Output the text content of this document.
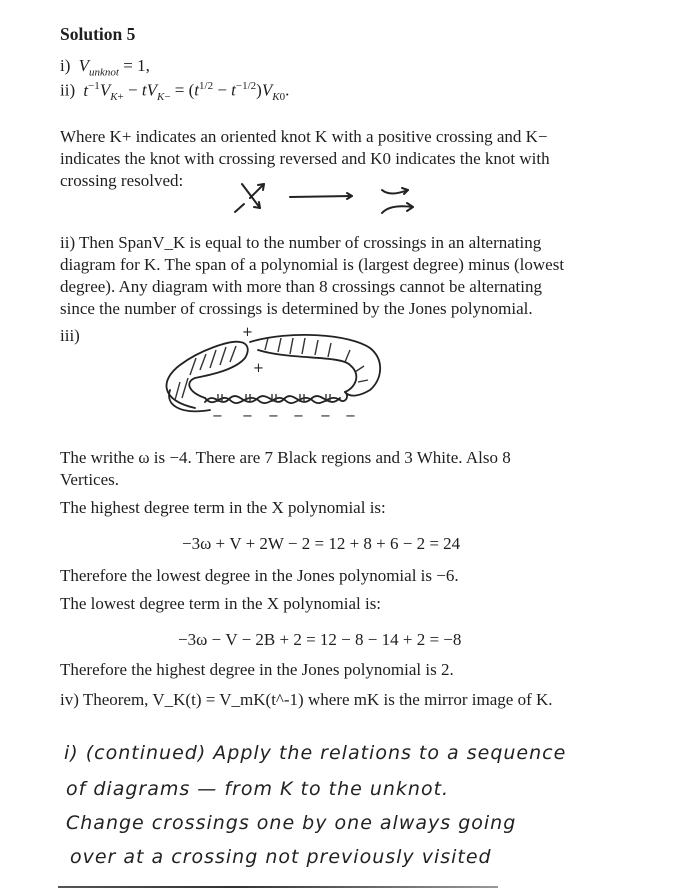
Solution 5
i) $V_{unknot} = 1$,
ii) $t^{-1}V_{K+} - tV_{K-} = (t^{1/2} - t^{-1/2})V_{K0}$.
Where K+ indicates an oriented knot K with a positive crossing and K−
indicates the knot with crossing reversed and K0 indicates the knot with
crossing resolved:
ii) Then SpanV_K is equal to the number of crossings in an alternating
diagram for K. The span of a polynomial is (largest degree) minus (lowest
degree). Any diagram with more than 8 crossings cannot be alternating
since the number of crossings is determined by the Jones polynomial.
iii)	+
+
− − − − − −
The writhe ω is −4. There are 7 Black regions and 3 White. Also 8
Vertices.
The highest degree term in the X polynomial is:
−3ω + V + 2W − 2 = 12 + 8 + 6 − 2 = 24
Therefore the lowest degree in the Jones polynomial is −6.
The lowest degree term in the X polynomial is:
−3ω − V − 2B + 2 = 12 − 8 − 14 + 2 = −8
Therefore the highest degree in the Jones polynomial is 2.
iv) Theorem, V_K(t) = V_mK(t^-1) where mK is the mirror image of K.
i) (continued) Apply the relations to a sequence
of diagrams — from K to the unknot.
Change crossings one by one always going
over at a crossing not previously visited
